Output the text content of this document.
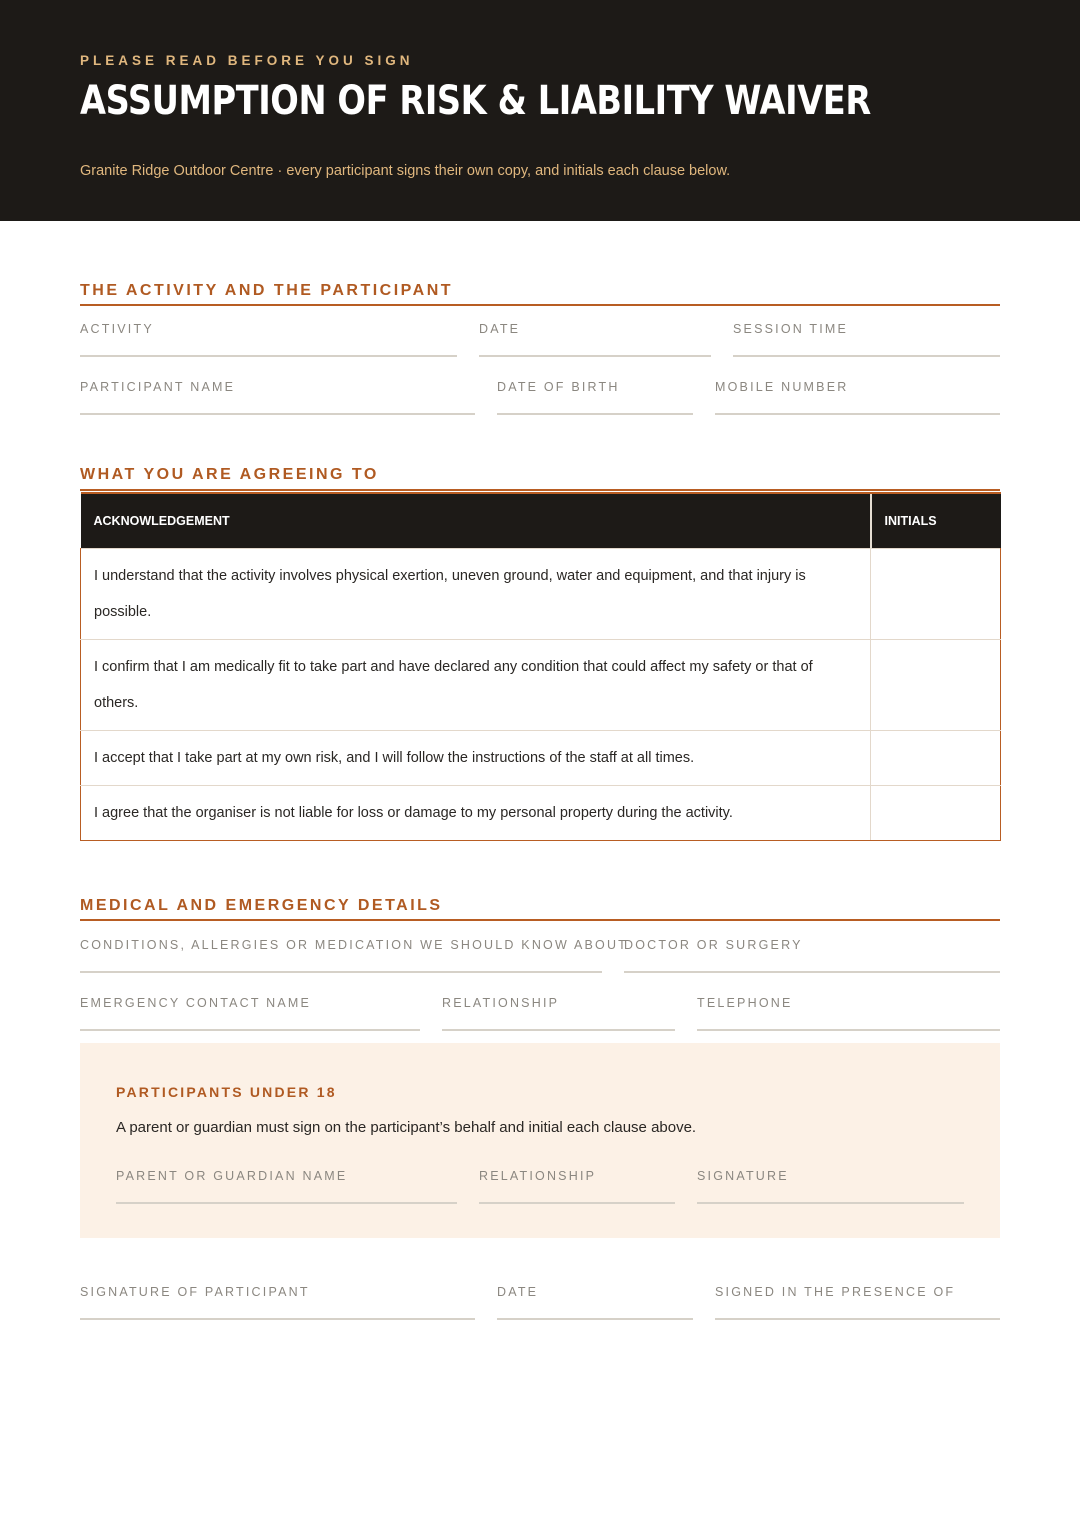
PLEASE READ BEFORE YOU SIGN
ASSUMPTION OF RISK & LIABILITY WAIVER
Granite Ridge Outdoor Centre · every participant signs their own copy, and initials each clause below.
THE ACTIVITY AND THE PARTICIPANT
ACTIVITY	DATE	SESSION TIME
PARTICIPANT NAME	DATE OF BIRTH	MOBILE NUMBER
WHAT YOU ARE AGREEING TO
ACKNOWLEDGEMENT	INITIALS
I understand that the activity involves physical exertion, uneven ground, water and equipment, and that injury is possible.	
I confirm that I am medically fit to take part and have declared any condition that could affect my safety or that of others.	
I accept that I take part at my own risk, and I will follow the instructions of the staff at all times.	
I agree that the organiser is not liable for loss or damage to my personal property during the activity.	
MEDICAL AND EMERGENCY DETAILS
CONDITIONS, ALLERGIES OR MEDICATION WE SHOULD KNOW ABOUT
DOCTOR OR SURGERY
EMERGENCY CONTACT NAME	RELATIONSHIP	TELEPHONE
PARTICIPANTS UNDER 18
A parent or guardian must sign on the participant’s behalf and initial each clause above.
PARENT OR GUARDIAN NAME	RELATIONSHIP	SIGNATURE
SIGNATURE OF PARTICIPANT	DATE	SIGNED IN THE PRESENCE OF
